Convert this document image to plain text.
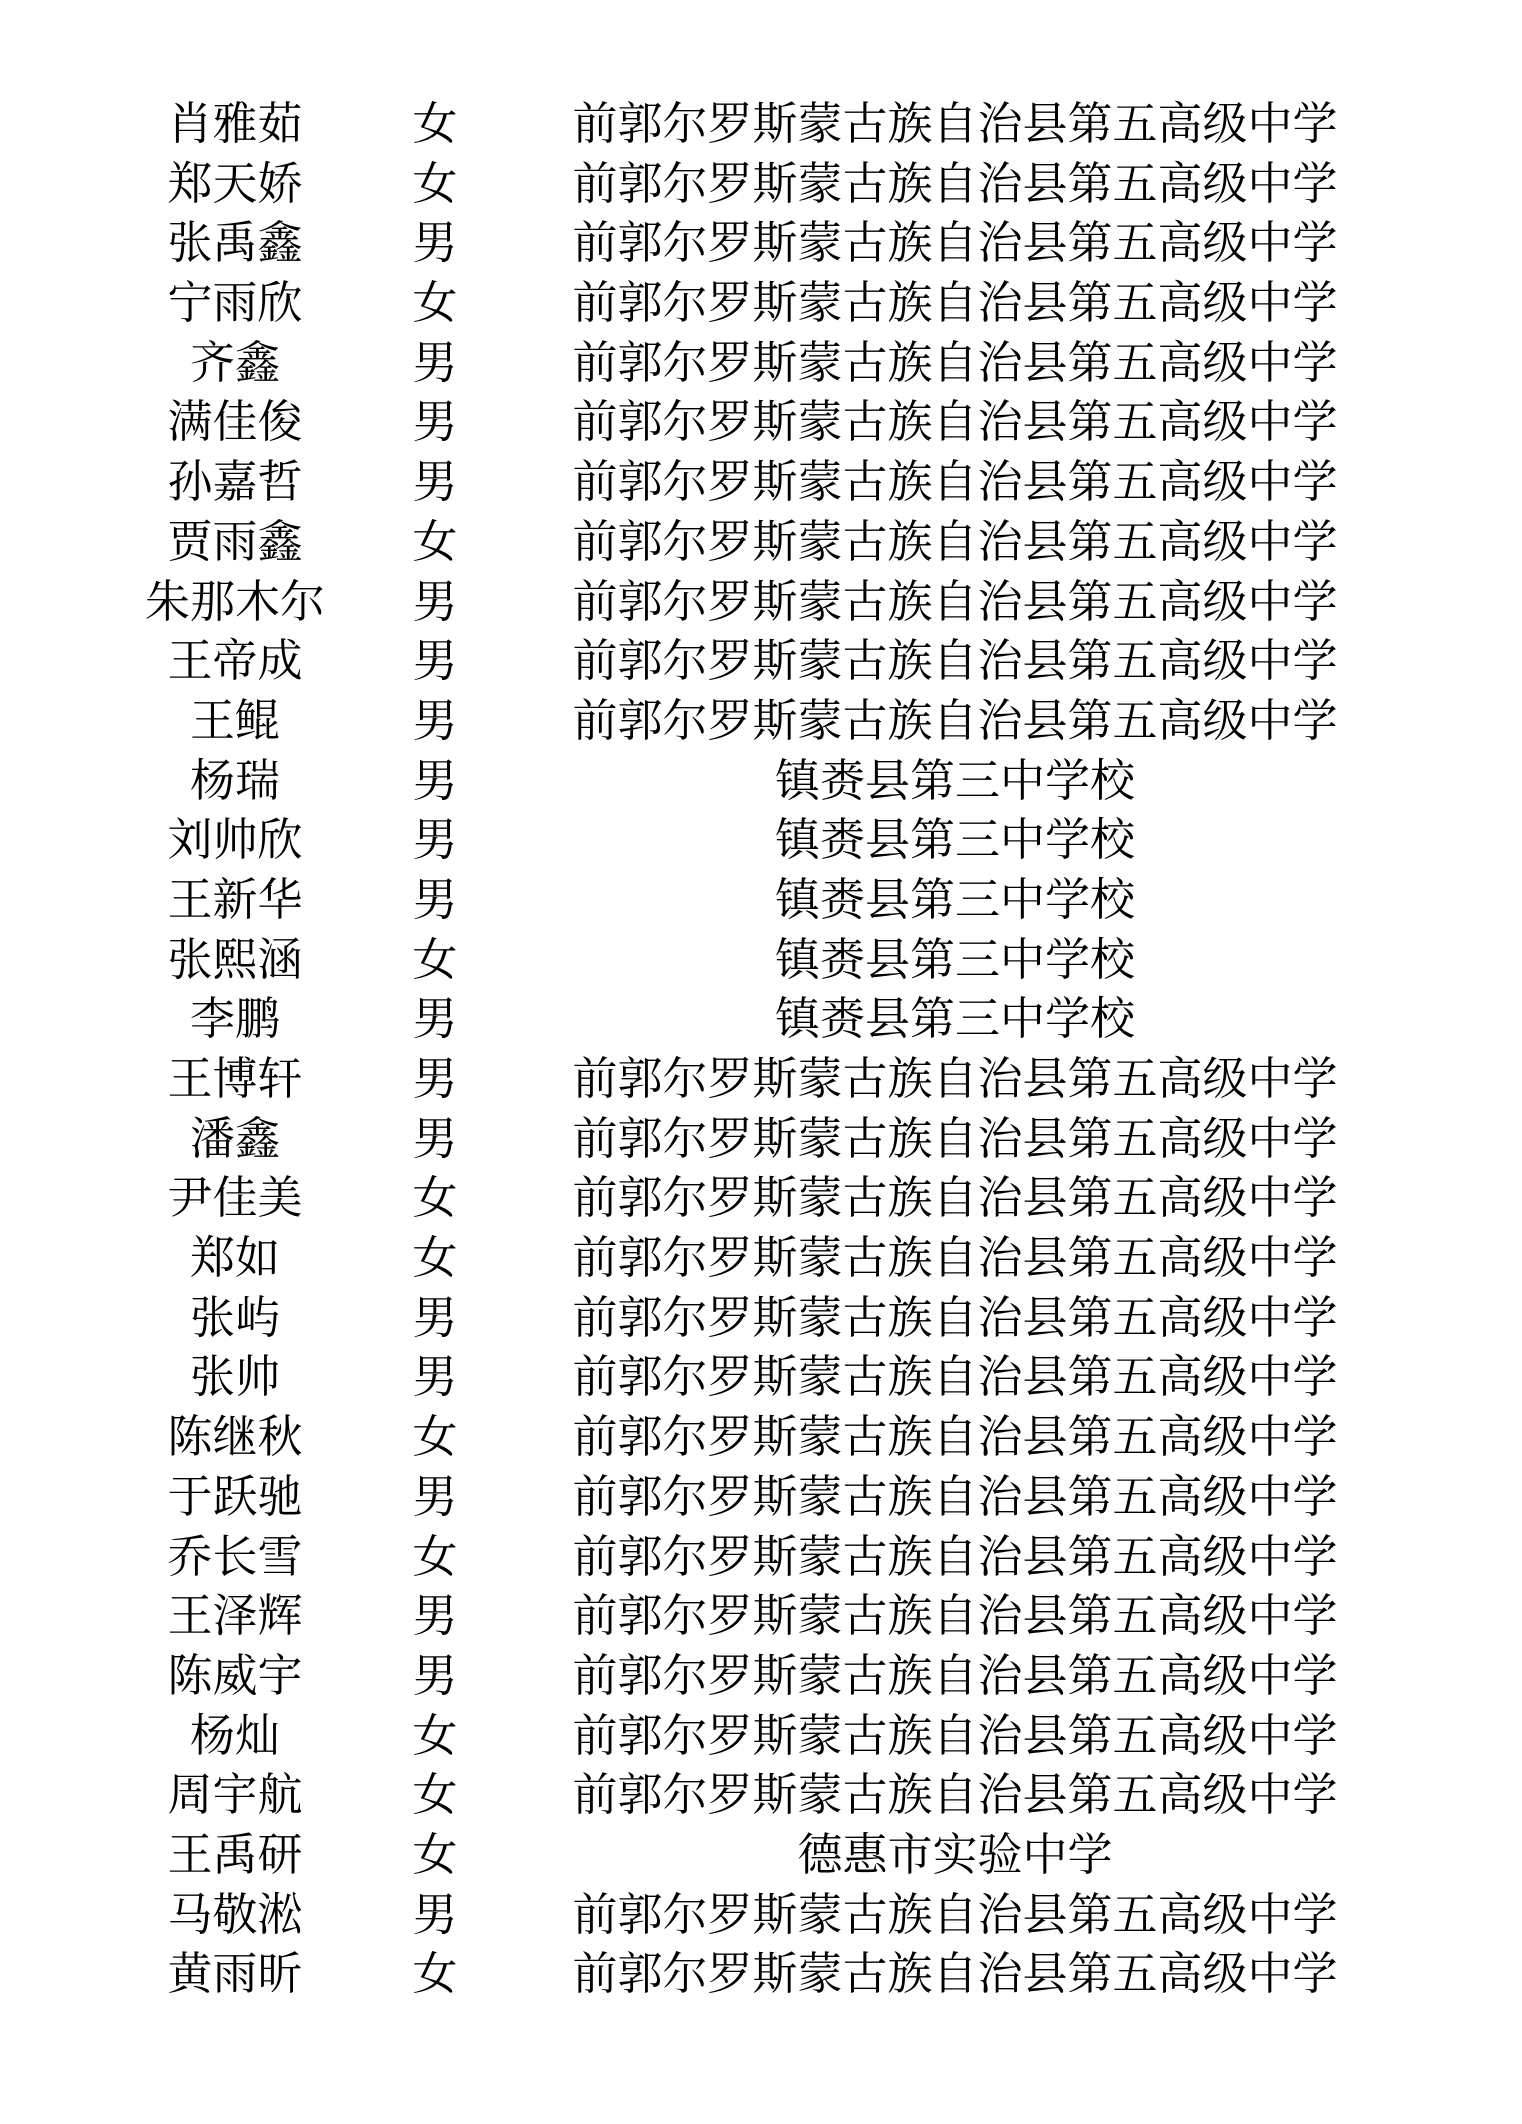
肖雅茹	女	前郭尔罗斯蒙古族自治县第五高级中学
郑天娇	女	前郭尔罗斯蒙古族自治县第五高级中学
张禹鑫	男	前郭尔罗斯蒙古族自治县第五高级中学
宁雨欣	女	前郭尔罗斯蒙古族自治县第五高级中学
齐鑫	男	前郭尔罗斯蒙古族自治县第五高级中学
满佳俊	男	前郭尔罗斯蒙古族自治县第五高级中学
孙嘉哲	男	前郭尔罗斯蒙古族自治县第五高级中学
贾雨鑫	女	前郭尔罗斯蒙古族自治县第五高级中学
朱那木尔	男	前郭尔罗斯蒙古族自治县第五高级中学
王帝成	男	前郭尔罗斯蒙古族自治县第五高级中学
王鲲	男	前郭尔罗斯蒙古族自治县第五高级中学
杨瑞	男	镇赉县第三中学校
刘帅欣	男	镇赉县第三中学校
王新华	男	镇赉县第三中学校
张熙涵	女	镇赉县第三中学校
李鹏	男	镇赉县第三中学校
王博轩	男	前郭尔罗斯蒙古族自治县第五高级中学
潘鑫	男	前郭尔罗斯蒙古族自治县第五高级中学
尹佳美	女	前郭尔罗斯蒙古族自治县第五高级中学
郑如	女	前郭尔罗斯蒙古族自治县第五高级中学
张屿	男	前郭尔罗斯蒙古族自治县第五高级中学
张帅	男	前郭尔罗斯蒙古族自治县第五高级中学
陈继秋	女	前郭尔罗斯蒙古族自治县第五高级中学
于跃驰	男	前郭尔罗斯蒙古族自治县第五高级中学
乔长雪	女	前郭尔罗斯蒙古族自治县第五高级中学
王泽辉	男	前郭尔罗斯蒙古族自治县第五高级中学
陈威宇	男	前郭尔罗斯蒙古族自治县第五高级中学
杨灿	女	前郭尔罗斯蒙古族自治县第五高级中学
周宇航	女	前郭尔罗斯蒙古族自治县第五高级中学
王禹研	女	德惠市实验中学
马敬淞	男	前郭尔罗斯蒙古族自治县第五高级中学
黄雨昕	女	前郭尔罗斯蒙古族自治县第五高级中学
